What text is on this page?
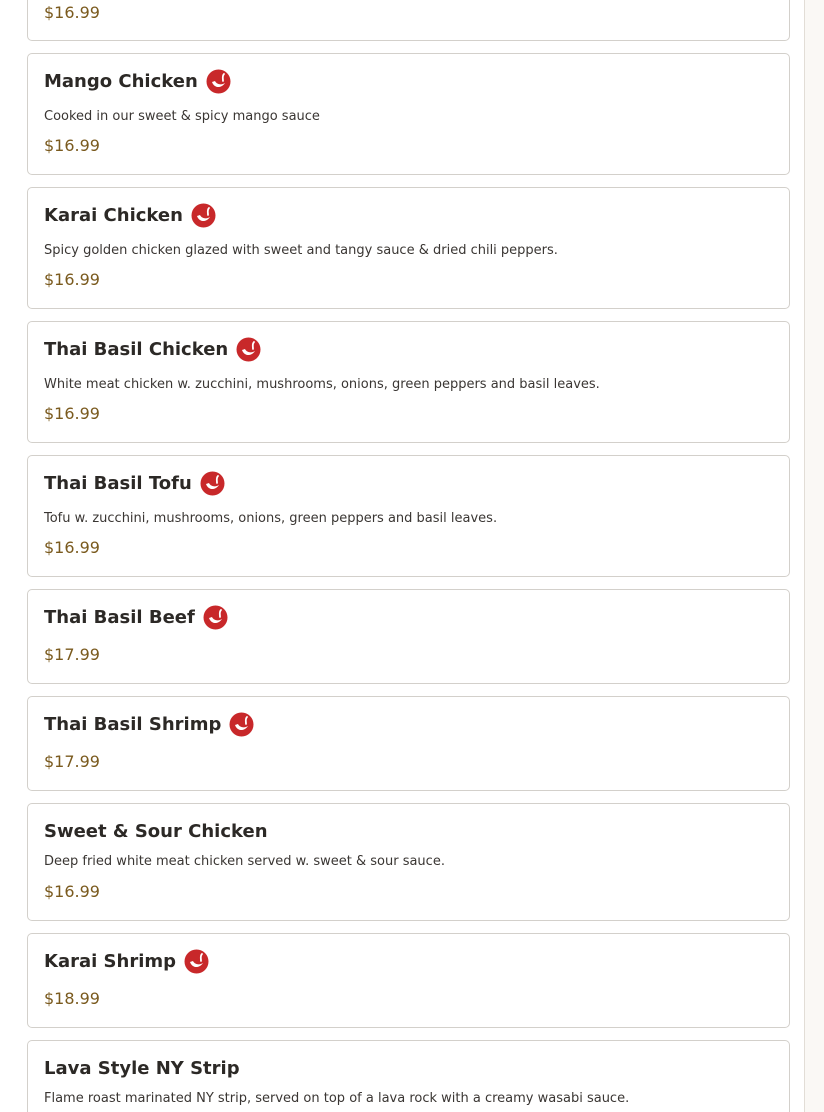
$16.99
Mango Chicken
Cooked in our sweet & spicy mango sauce
$16.99
Karai Chicken
Spicy golden chicken glazed with sweet and tangy sauce & dried chili peppers.
$16.99
Thai Basil Chicken
White meat chicken w. zucchini, mushrooms, onions, green peppers and basil leaves.
$16.99
Thai Basil Tofu
Tofu w. zucchini, mushrooms, onions, green peppers and basil leaves.
$16.99
Thai Basil Beef
$17.99
Thai Basil Shrimp
$17.99
Sweet & Sour Chicken
Deep fried white meat chicken served w. sweet & sour sauce.
$16.99
Karai Shrimp
$18.99
Lava Style NY Strip
Flame roast marinated NY strip, served on top of a lava rock with a creamy wasabi sauce.
